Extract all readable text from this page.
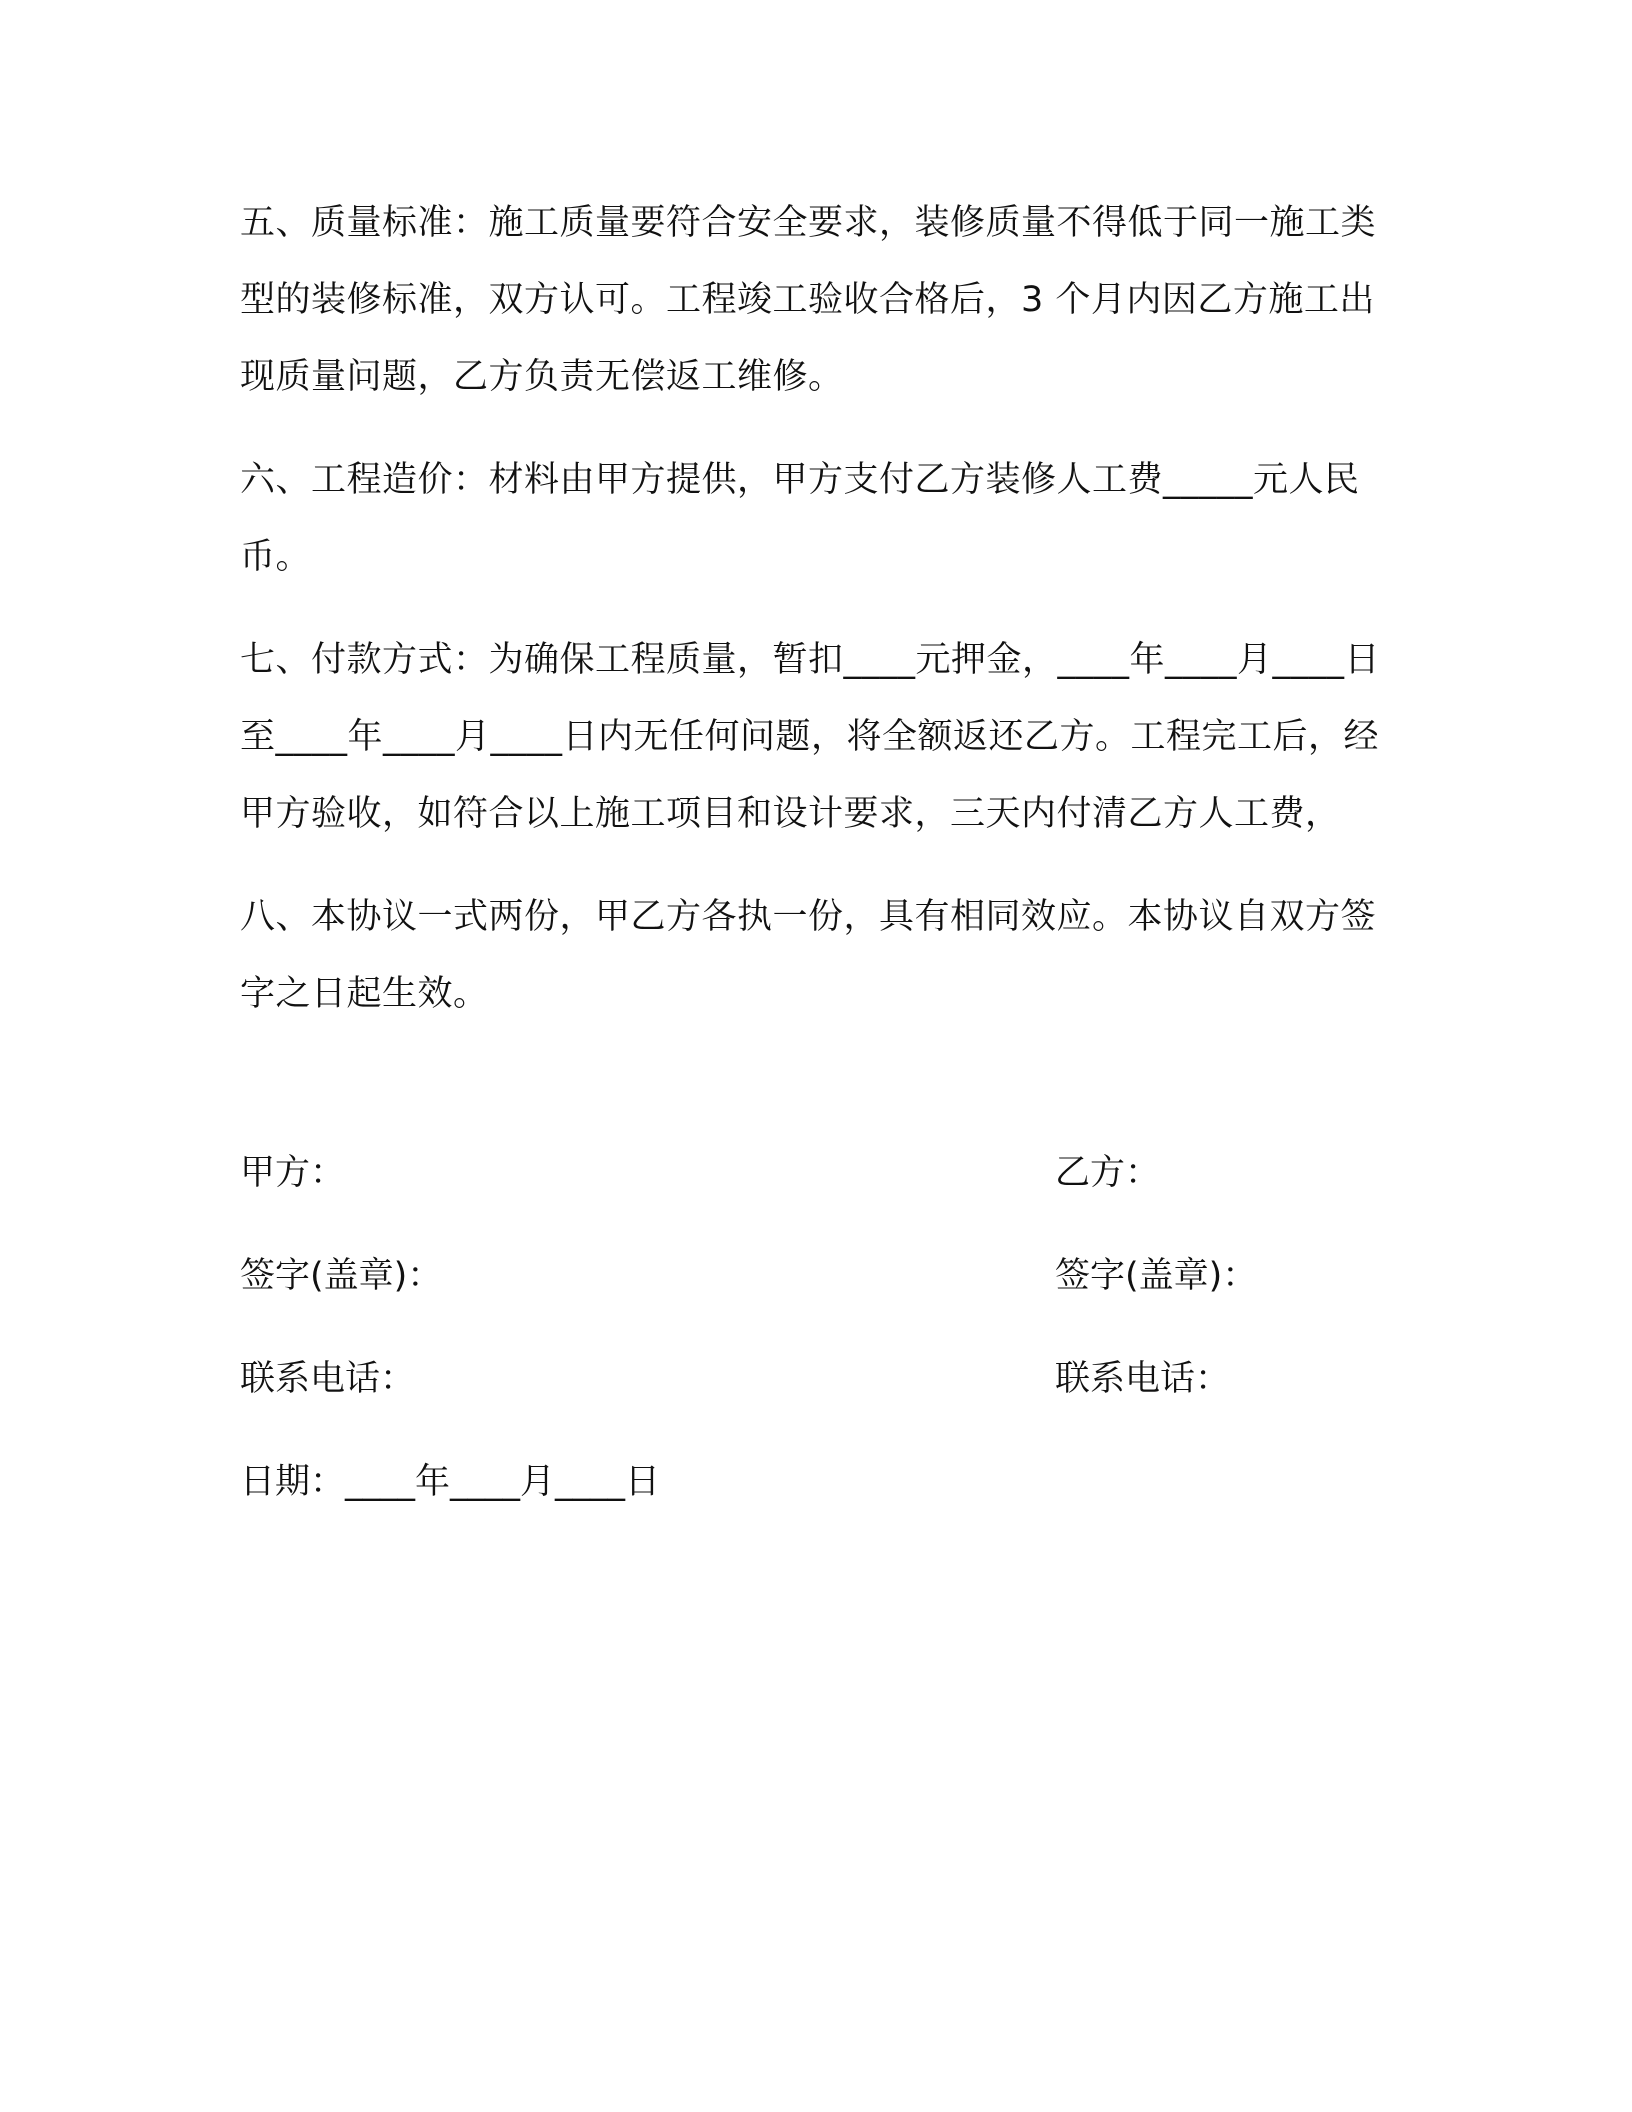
五、质量标准：施工质量要符合安全要求，装修质量不得低于同一施工类型的装修标准，双方认可。工程竣工验收合格后，3 个月内因乙方施工出现质量问题，乙方负责无偿返工维修。

六、工程造价：材料由甲方提供，甲方支付乙方装修人工费_____元人民币。

七、付款方式：为确保工程质量，暂扣____元押金，____年____月____日至____年____月____日内无任何问题，将全额返还乙方。工程完工后，经甲方验收，如符合以上施工项目和设计要求，三天内付清乙方人工费，

八、本协议一式两份，甲乙方各执一份，具有相同效应。本协议自双方签字之日起生效。

甲方：	乙方：
签字(盖章)：	签字(盖章)：
联系电话：	联系电话：
日期：____年____月____日
